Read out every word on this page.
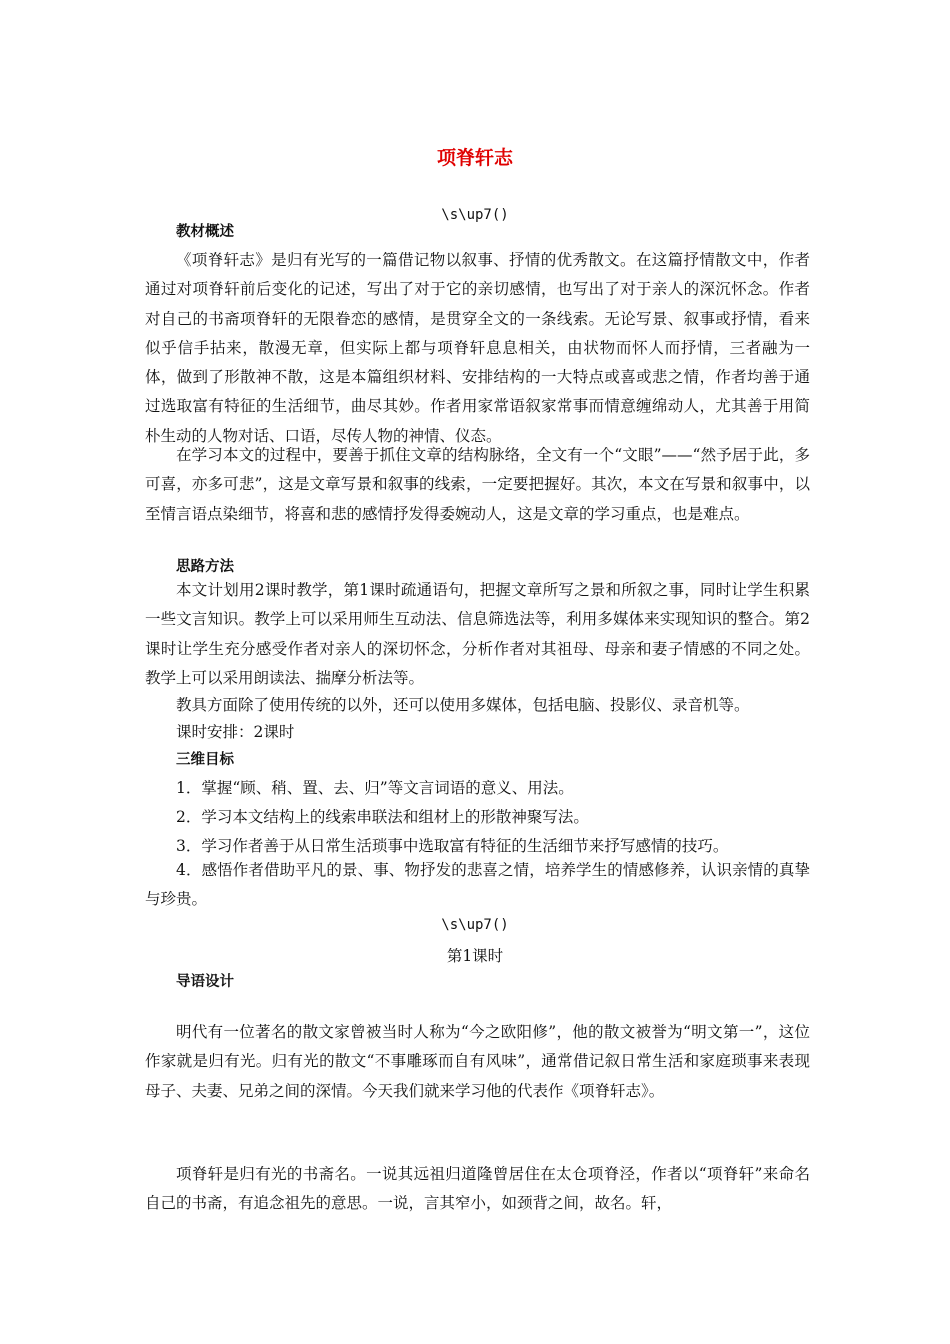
项脊轩志
\s\up7()
教材概述

《项脊轩志》是归有光写的一篇借记物以叙事、抒情的优秀散文。在这篇抒情散文中，作者通过对项脊轩前后变化的记述，写出了对于它的亲切感情，也写出了对于亲人的深沉怀念。作者对自己的书斋项脊轩的无限眷恋的感情，是贯穿全文的一条线索。无论写景、叙事或抒情，看来似乎信手拈来，散漫无章，但实际上都与项脊轩息息相关，由状物而怀人而抒情，三者融为一体，做到了形散神不散，这是本篇组织材料、安排结构的一大特点或喜或悲之情，作者均善于通过选取富有特征的生活细节，曲尽其妙。作者用家常语叙家常事而情意缠绵动人，尤其善于用简朴生动的人物对话、口语，尽传人物的神情、仪态。

在学习本文的过程中，要善于抓住文章的结构脉络，全文有一个“文眼”——“然予居于此，多可喜，亦多可悲”，这是文章写景和叙事的线索，一定要把握好。其次，本文在写景和叙事中，以至情言语点染细节，将喜和悲的感情抒发得委婉动人，这是文章的学习重点，也是难点。

思路方法

本文计划用2课时教学，第1课时疏通语句，把握文章所写之景和所叙之事，同时让学生积累一些文言知识。教学上可以采用师生互动法、信息筛选法等，利用多媒体来实现知识的整合。第2课时让学生充分感受作者对亲人的深切怀念，分析作者对其祖母、母亲和妻子情感的不同之处。教学上可以采用朗读法、揣摩分析法等。

教具方面除了使用传统的以外，还可以使用多媒体，包括电脑、投影仪、录音机等。
课时安排：2课时
三维目标
1．掌握“顾、稍、置、去、归”等文言词语的意义、用法。
2．学习本文结构上的线索串联法和组材上的形散神聚写法。
3．学习作者善于从日常生活琐事中选取富有特征的生活细节来抒写感情的技巧。

4．感悟作者借助平凡的景、事、物抒发的悲喜之情，培养学生的情感修养，认识亲情的真挚与珍贵。

\s\up7()
第1课时
导语设计

明代有一位著名的散文家曾被当时人称为“今之欧阳修”，他的散文被誉为“明文第一”，这位作家就是归有光。归有光的散文“不事雕琢而自有风味”，通常借记叙日常生活和家庭琐事来表现母子、夫妻、兄弟之间的深情。今天我们就来学习他的代表作《项脊轩志》。

项脊轩是归有光的书斋名。一说其远祖归道隆曾居住在太仓项脊泾，作者以“项脊轩”来命名自己的书斋，有追念祖先的意思。一说，言其窄小，如颈背之间，故名。轩，
